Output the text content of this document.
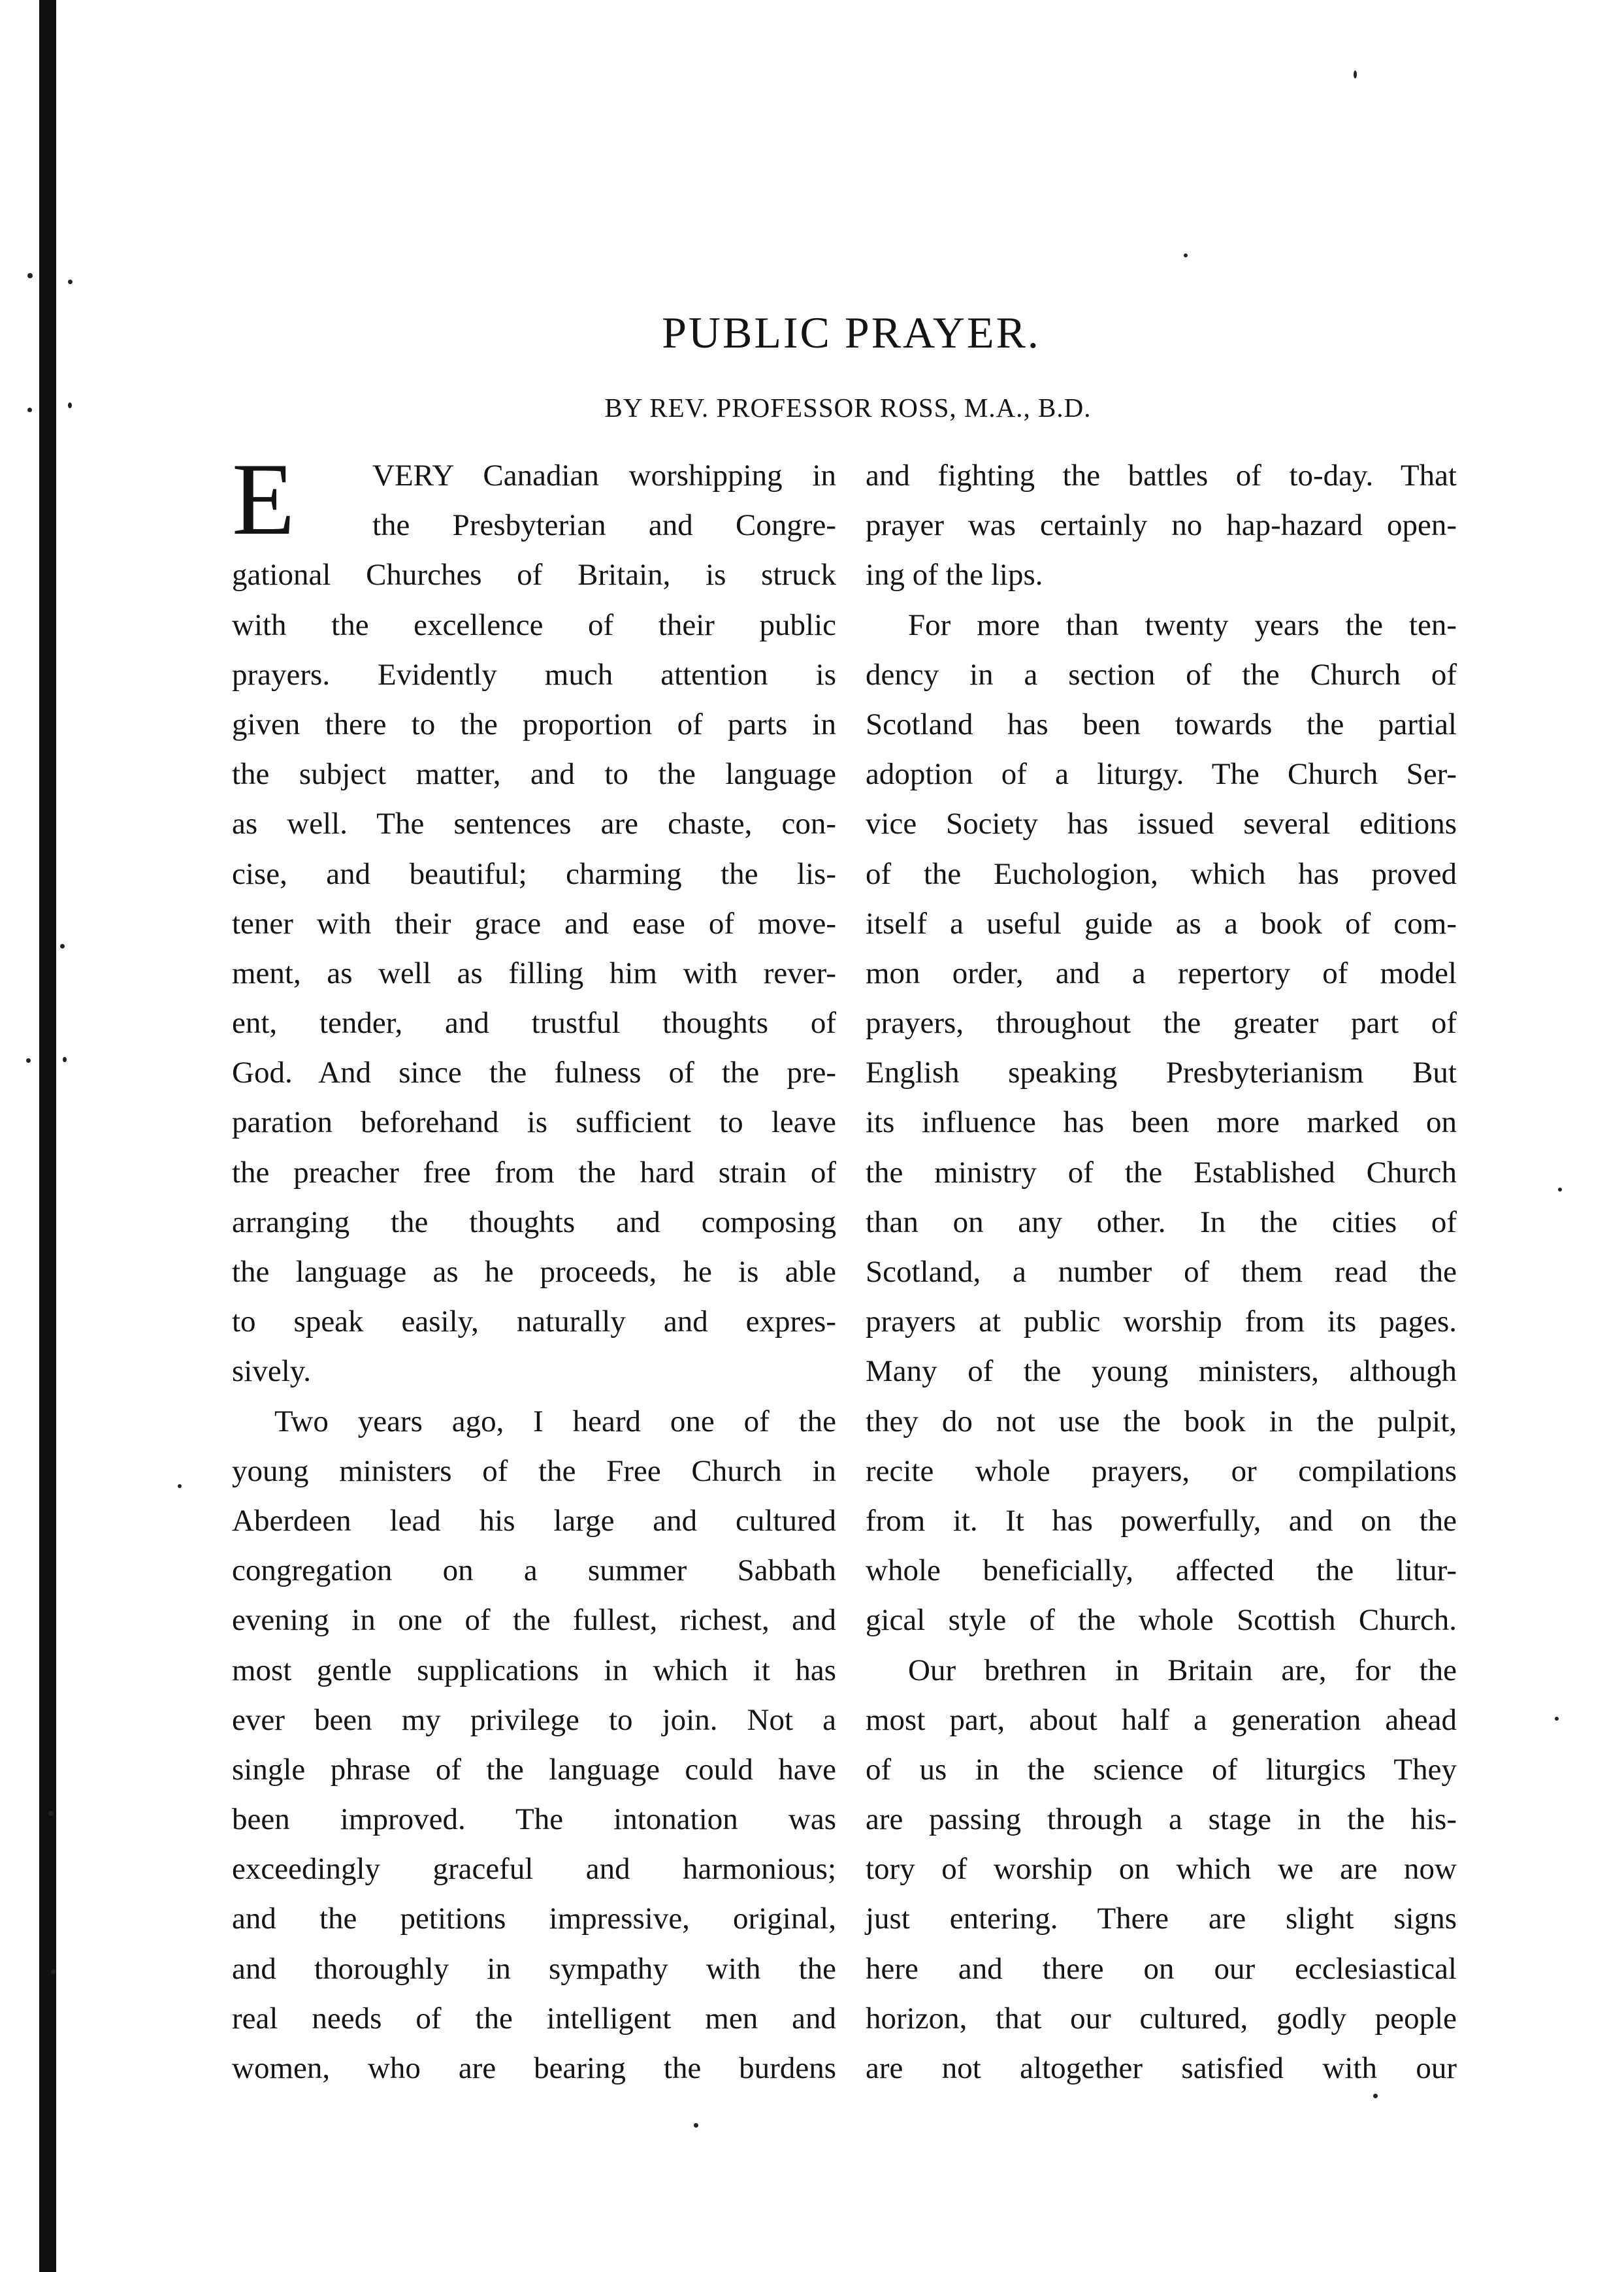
PUBLIC PRAYER.
BY REV. PROFESSOR ROSS, M.A., B.D.
E	VERY Canadian worshipping in
the Presbyterian and Congre-
gational Churches of Britain, is struck
with the excellence of their public
prayers. Evidently much attention is
given there to the proportion of parts in
the subject matter, and to the language
as well. The sentences are chaste, con-
cise, and beautiful; charming the lis-
tener with their grace and ease of move-
ment, as well as filling him with rever-
ent, tender, and trustful thoughts of
God. And since the fulness of the pre-
paration beforehand is sufficient to leave
the preacher free from the hard strain of
arranging the thoughts and composing
the language as he proceeds, he is able
to speak easily, naturally and expres-
sively.
Two years ago, I heard one of the
young ministers of the Free Church in
Aberdeen lead his large and cultured
congregation on a summer Sabbath
evening in one of the fullest, richest, and
most gentle supplications in which it has
ever been my privilege to join. Not a
single phrase of the language could have
been improved. The intonation was
exceedingly graceful and harmonious;
and the petitions impressive, original,
and thoroughly in sympathy with the
real needs of the intelligent men and
women, who are bearing the burdens
and fighting the battles of to-day. That
prayer was certainly no hap-hazard open-
ing of the lips.
For more than twenty years the ten-
dency in a section of the Church of
Scotland has been towards the partial
adoption of a liturgy. The Church Ser-
vice Society has issued several editions
of the Euchologion, which has proved
itself a useful guide as a book of com-
mon order, and a repertory of model
prayers, throughout the greater part of
English speaking Presbyterianism But
its influence has been more marked on
the ministry of the Established Church
than on any other. In the cities of
Scotland, a number of them read the
prayers at public worship from its pages.
Many of the young ministers, although
they do not use the book in the pulpit,
recite whole prayers, or compilations
from it. It has powerfully, and on the
whole beneficially, affected the litur-
gical style of the whole Scottish Church.
Our brethren in Britain are, for the
most part, about half a generation ahead
of us in the science of liturgics They
are passing through a stage in the his-
tory of worship on which we are now
just entering. There are slight signs
here and there on our ecclesiastical
horizon, that our cultured, godly people
are not altogether satisfied with our
